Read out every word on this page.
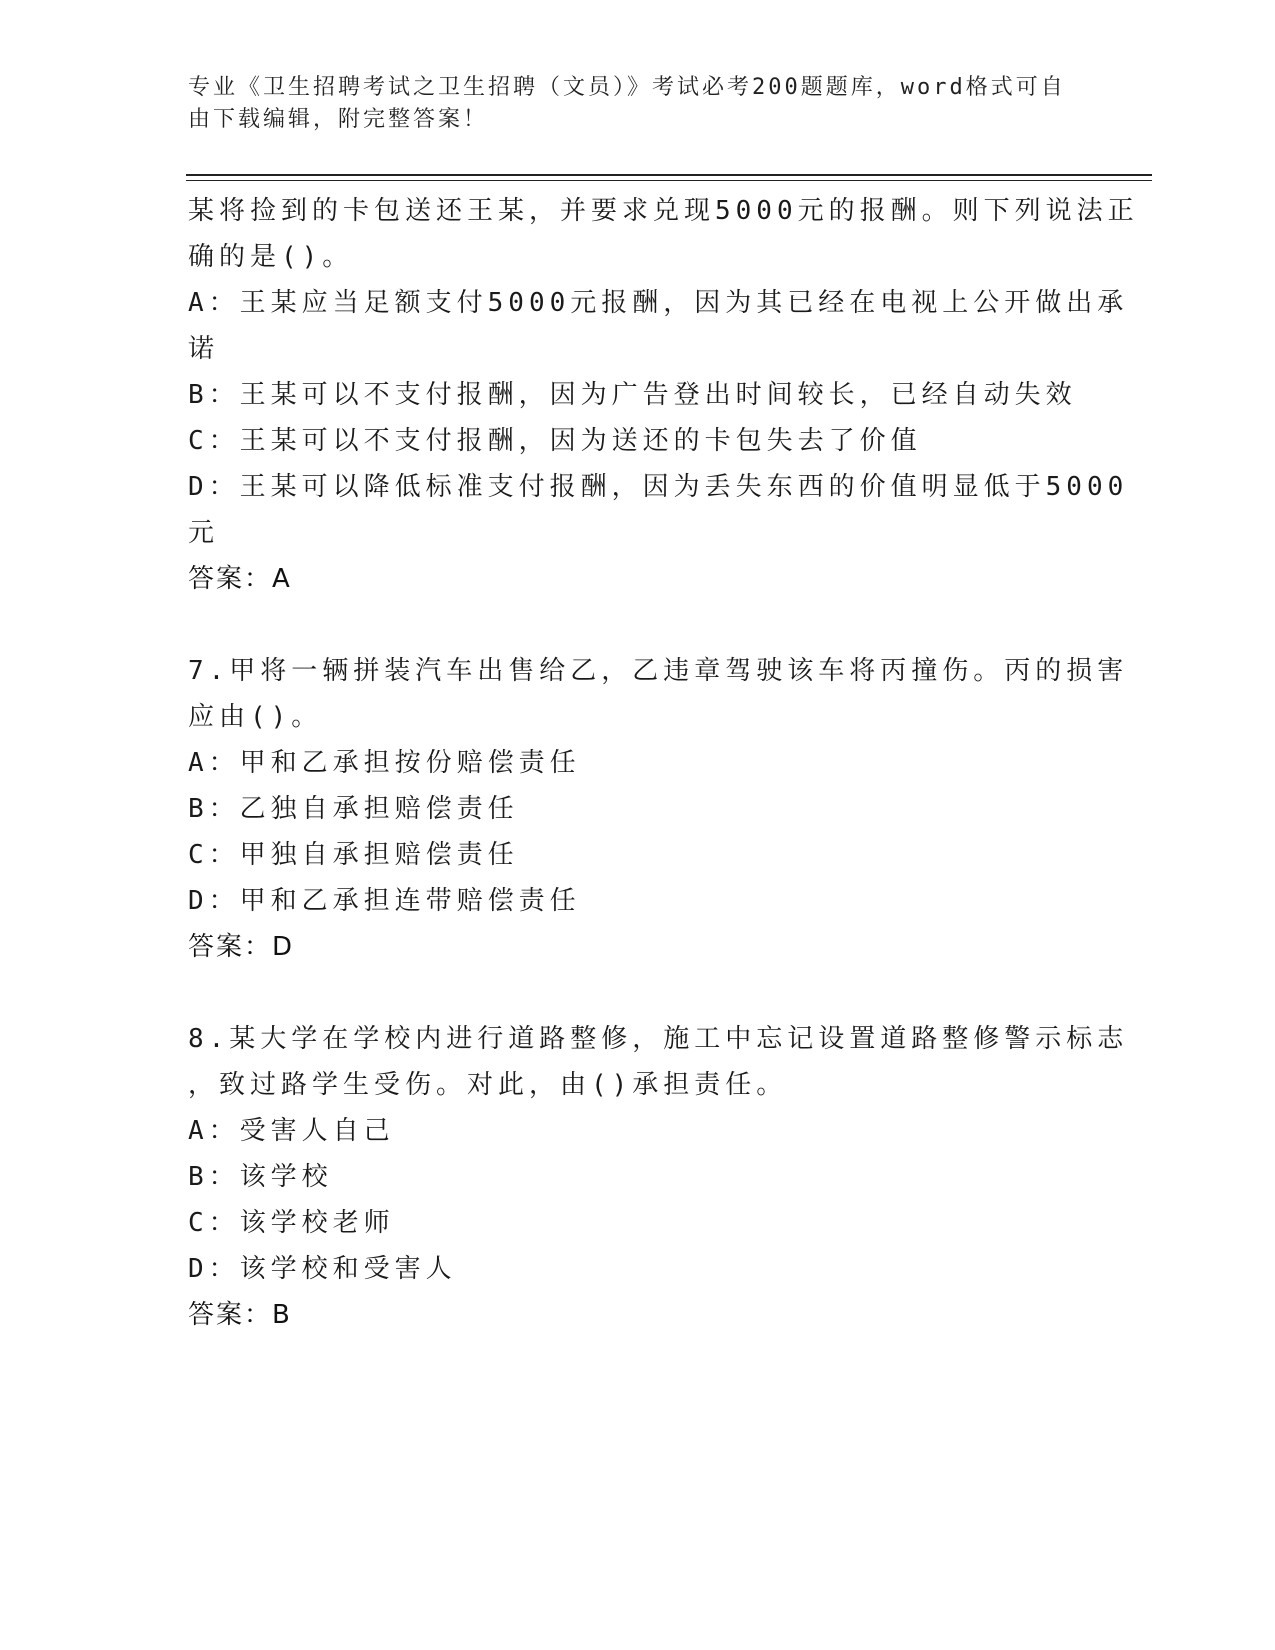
专业《卫生招聘考试之卫生招聘（文员）》考试必考200题题库，word格式可自
由下载编辑，附完整答案！
某将捡到的卡包送还王某，并要求兑现5000元的报酬。则下列说法正
确的是()。
A：王某应当足额支付5000元报酬，因为其已经在电视上公开做出承
诺
B：王某可以不支付报酬，因为广告登出时间较长，已经自动失效
C：王某可以不支付报酬，因为送还的卡包失去了价值
D：王某可以降低标准支付报酬，因为丢失东西的价值明显低于5000
元
答案：A
7.甲将一辆拼装汽车出售给乙，乙违章驾驶该车将丙撞伤。丙的损害
应由()。
A：甲和乙承担按份赔偿责任
B：乙独自承担赔偿责任
C：甲独自承担赔偿责任
D：甲和乙承担连带赔偿责任
答案：D
8.某大学在学校内进行道路整修，施工中忘记设置道路整修警示标志
，致过路学生受伤。对此，由()承担责任。
A：受害人自己
B：该学校
C：该学校老师
D：该学校和受害人
答案：B
